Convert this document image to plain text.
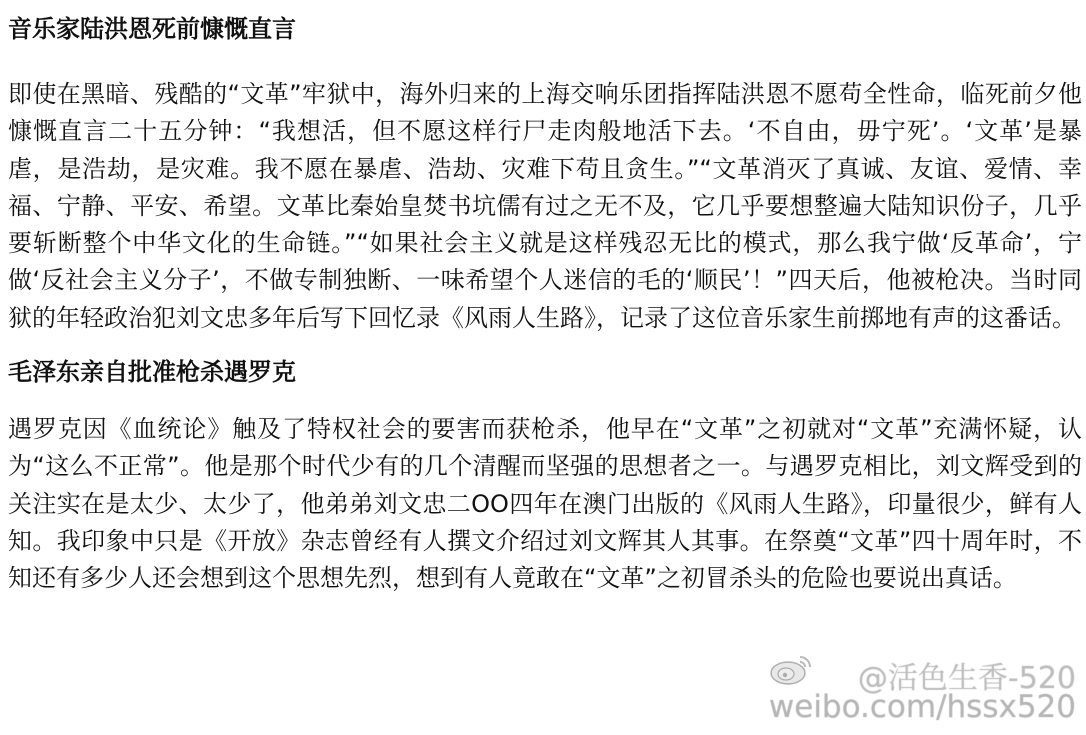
音乐家陆洪恩死前慷慨直言

即使在黑暗、残酷的“文革”牢狱中，海外归来的上海交响乐团指挥陆洪恩不愿苟全性命，临死前夕他慷慨直言二十五分钟：“我想活，但不愿这样行尸走肉般地活下去。‘不自由，毋宁死’。‘文革’是暴虐，是浩劫，是灾难。我不愿在暴虐、浩劫、灾难下苟且贪生。”“文革消灭了真诚、友谊、爱情、幸福、宁静、平安、希望。文革比秦始皇焚书坑儒有过之无不及，它几乎要想整遍大陆知识份子，几乎要斩断整个中华文化的生命链。”“如果社会主义就是这样残忍无比的模式，那么我宁做‘反革命’，宁做‘反社会主义分子’，不做专制独断、一味希望个人迷信的毛的‘顺民’！”四天后，他被枪决。当时同狱的年轻政治犯刘文忠多年后写下回忆录《风雨人生路》，记录了这位音乐家生前掷地有声的这番话。

毛泽东亲自批准枪杀遇罗克

遇罗克因《血统论》触及了特权社会的要害而获枪杀，他早在“文革”之初就对“文革”充满怀疑，认为“这么不正常”。他是那个时代少有的几个清醒而坚强的思想者之一。与遇罗克相比，刘文辉受到的关注实在是太少、太少了，他弟弟刘文忠二OO四年在澳门出版的《风雨人生路》，印量很少，鲜有人知。我印象中只是《开放》杂志曾经有人撰文介绍过刘文辉其人其事。在祭奠“文革”四十周年时，不知还有多少人还会想到这个思想先烈，想到有人竟敢在“文革”之初冒杀头的危险也要说出真话。

@活色生香-520
weibo.com/hssx520
